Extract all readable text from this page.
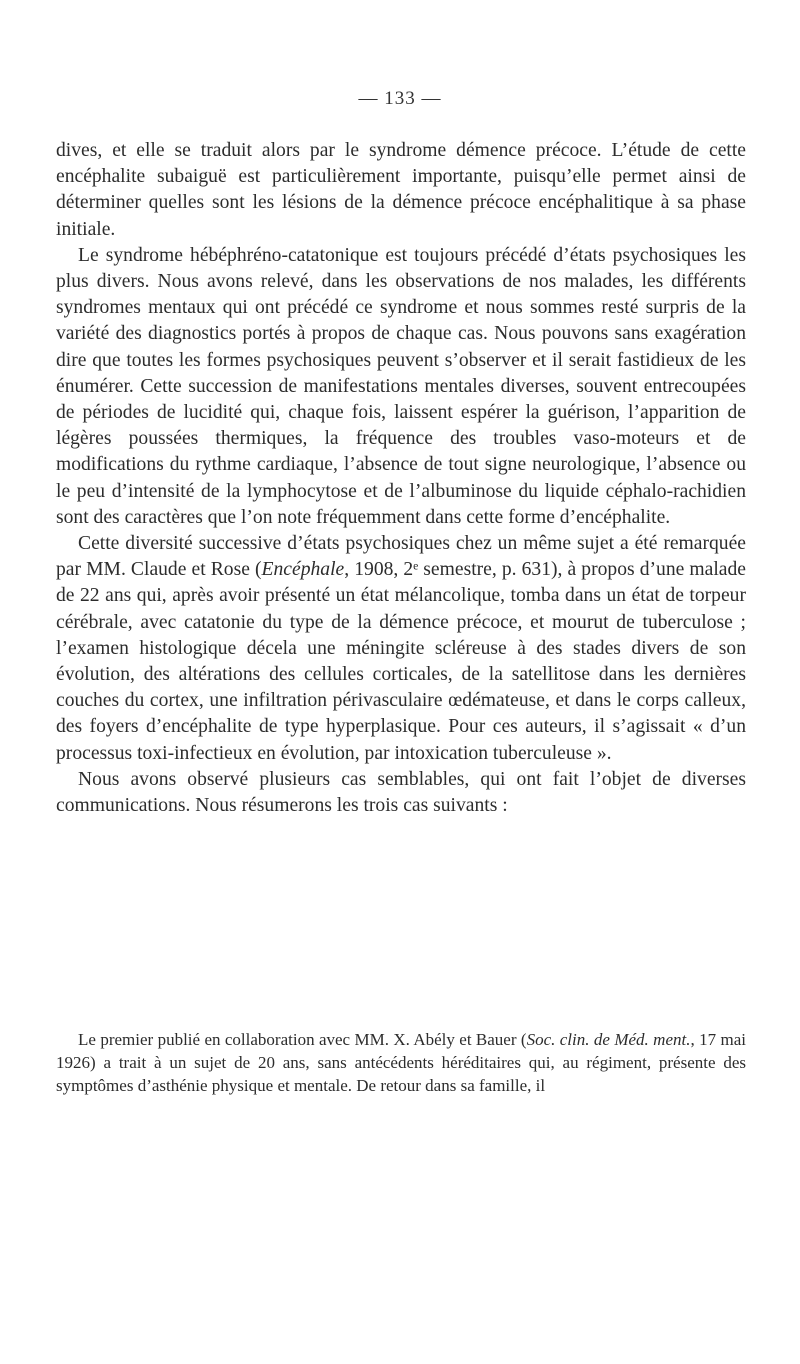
— 133 —

dives, et elle se traduit alors par le syndrome démence précoce. L’étude de cette encéphalite subaiguë est particulièrement importante, puisqu’elle permet ainsi de déterminer quelles sont les lésions de la démence précoce encéphalitique à sa phase initiale.

Le syndrome hébéphréno-catatonique est toujours précédé d’états psychosiques les plus divers. Nous avons relevé, dans les observations de nos malades, les différents syndromes mentaux qui ont précédé ce syndrome et nous sommes resté surpris de la variété des diagnostics portés à propos de chaque cas. Nous pouvons sans exagération dire que toutes les formes psychosiques peuvent s’observer et il serait fastidieux de les énumérer. Cette succession de manifestations mentales diverses, souvent entrecoupées de périodes de lucidité qui, chaque fois, laissent espérer la guérison, l’apparition de légères poussées thermiques, la fréquence des troubles vaso-moteurs et de modifications du rythme cardiaque, l’absence de tout signe neurologique, l’absence ou le peu d’intensité de la lymphocytose et de l’albuminose du liquide céphalo-rachidien sont des caractères que l’on note fréquemment dans cette forme d’encéphalite.

Cette diversité successive d’états psychosiques chez un même sujet a été remarquée par MM. Claude et Rose (Encéphale, 1908, 2ᵉ semestre, p. 631), à propos d’une malade de 22 ans qui, après avoir présenté un état mélancolique, tomba dans un état de torpeur cérébrale, avec catatonie du type de la démence précoce, et mourut de tuberculose ; l’examen histologique décela une méningite scléreuse à des stades divers de son évolution, des altérations des cellules corticales, de la satellitose dans les dernières couches du cortex, une infiltration périvasculaire œdémateuse, et dans le corps calleux, des foyers d’encéphalite de type hyperplasique. Pour ces auteurs, il s’agissait « d’un processus toxi-infectieux en évolution, par intoxication tuberculeuse ».

Nous avons observé plusieurs cas semblables, qui ont fait l’objet de diverses communications. Nous résumerons les trois cas suivants :

Le premier publié en collaboration avec MM. X. Abély et Bauer (Soc. clin. de Méd. ment., 17 mai 1926) a trait à un sujet de 20 ans, sans antécédents héréditaires qui, au régiment, présente des symptômes d’asthénie physique et mentale. De retour dans sa famille, il
